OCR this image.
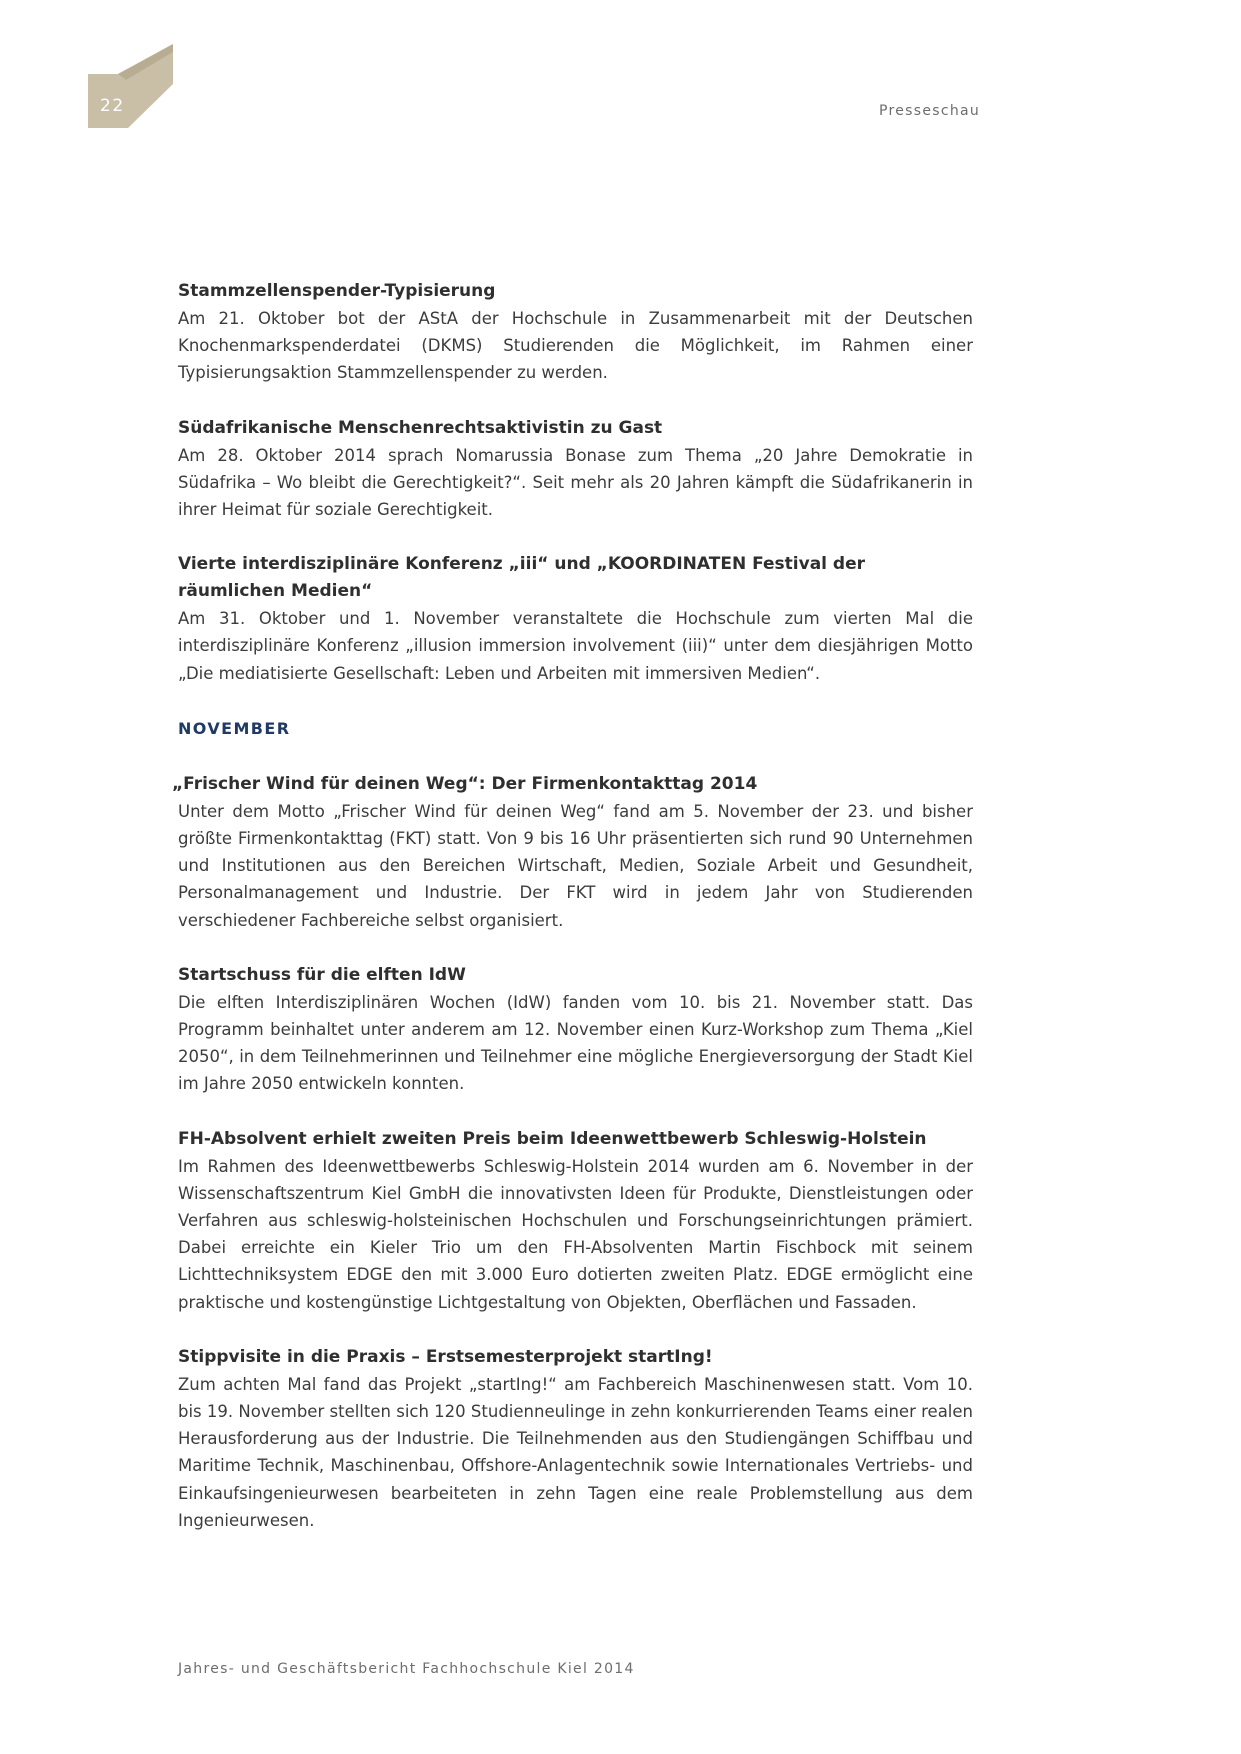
22	Presseschau

Stammzellenspender-Typisierung

Am 21. Oktober bot der AStA der Hochschule in Zusammenarbeit mit der Deutschen Knochenmarkspenderdatei (DKMS) Studierenden die Möglichkeit, im Rahmen einer Typisierungsaktion Stammzellenspender zu werden.

Südafrikanische Menschenrechtsaktivistin zu Gast

Am 28. Oktober 2014 sprach Nomarussia Bonase zum Thema „20 Jahre Demokratie in Südafrika – Wo bleibt die Gerechtigkeit?“. Seit mehr als 20 Jahren kämpft die Südafrikanerin in ihrer Heimat für soziale Gerechtigkeit.

Vierte interdisziplinäre Konferenz „iii“ und „KOORDINATEN Festival der räumlichen Medien“

Am 31. Oktober und 1. November veranstaltete die Hochschule zum vierten Mal die interdisziplinäre Konferenz „illusion immersion involvement (iii)“ unter dem diesjährigen Motto „Die mediatisierte Gesellschaft: Leben und Arbeiten mit immersiven Medien“.

NOVEMBER

„Frischer Wind für deinen Weg“: Der Firmenkontakttag 2014

Unter dem Motto „Frischer Wind für deinen Weg“ fand am 5. November der 23. und bisher größte Firmenkontakttag (FKT) statt. Von 9 bis 16 Uhr präsentierten sich rund 90 Unternehmen und Institutionen aus den Bereichen Wirtschaft, Medien, Soziale Arbeit und Gesundheit, Personalmanagement und Industrie. Der FKT wird in jedem Jahr von Studierenden verschiedener Fachbereiche selbst organisiert.

Startschuss für die elften IdW

Die elften Interdisziplinären Wochen (IdW) fanden vom 10. bis 21. November statt. Das Programm beinhaltet unter anderem am 12. November einen Kurz-Workshop zum Thema „Kiel 2050“, in dem Teilnehmerinnen und Teilnehmer eine mögliche Energieversorgung der Stadt Kiel im Jahre 2050 entwickeln konnten.

FH-Absolvent erhielt zweiten Preis beim Ideenwettbewerb Schleswig-Holstein

Im Rahmen des Ideenwettbewerbs Schleswig-Holstein 2014 wurden am 6. November in der Wissenschaftszentrum Kiel GmbH die innovativsten Ideen für Produkte, Dienstleistungen oder Verfahren aus schleswig-holsteinischen Hochschulen und Forschungseinrichtungen prämiert. Dabei erreichte ein Kieler Trio um den FH-Absolventen Martin Fischbock mit seinem Lichttechniksystem EDGE den mit 3.000 Euro dotierten zweiten Platz. EDGE ermöglicht eine praktische und kostengünstige Lichtgestaltung von Objekten, Oberflächen und Fassaden.

Stippvisite in die Praxis – Erstsemesterprojekt startIng!

Zum achten Mal fand das Projekt „startIng!“ am Fachbereich Maschinenwesen statt. Vom 10. bis 19. November stellten sich 120 Studienneulinge in zehn konkurrierenden Teams einer realen Herausforderung aus der Industrie. Die Teilnehmenden aus den Studiengängen Schiffbau und Maritime Technik, Maschinenbau, Offshore-Anlagentechnik sowie Internationales Vertriebs- und Einkaufsingenieurwesen bearbeiteten in zehn Tagen eine reale Problemstellung aus dem Ingenieurwesen.

Jahres- und Geschäftsbericht Fachhochschule Kiel 2014
